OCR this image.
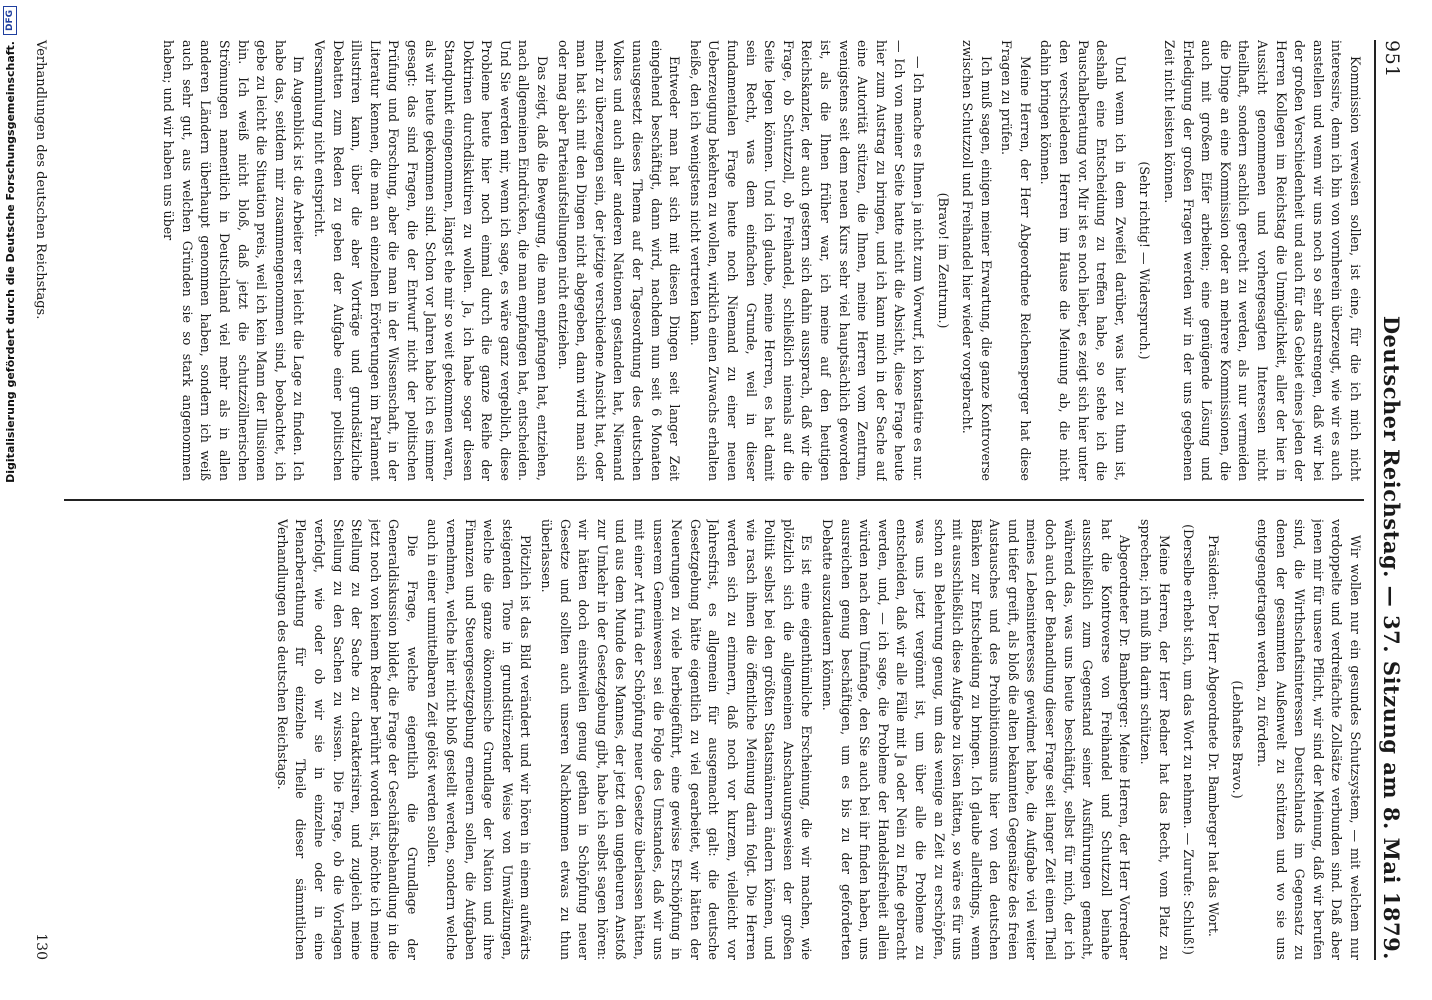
951
Deutscher Reichstag. — 37. Sitzung am 8. Mai 1879.

Kommission verweisen sollen, ist eine, für die ich mich nicht interessire, denn ich bin von vornherein überzeugt, wie wir es auch anstellen und wenn wir uns noch so sehr anstrengen, daß wir bei der großen Verschiedenheit und auch für das Gebiet eines jeden der Herren Kollegen im Reichstag die Unmöglichkeit, aller der hier in Aussicht genommenen und vorhergesagten Interessen nicht theilhaft, sondern sachlich gerecht zu werden, als nur vermeiden die Dinge an eine Kommission oder an mehrere Kommissionen, die auch mit großem Eifer arbeiten; eine genügende Lösung und Erledigung der großen Fragen werden wir in der uns gegebenen Zeit nicht leisten können.

(Sehr richtig! — Widerspruch.)

Und wenn ich in dem Zweifel darüber, was hier zu thun ist, deshalb eine Entscheidung zu treffen habe, so stehe ich die Pauschalberatung vor. Mir ist es noch lieber, es zeigt sich hier unter den verschiedenen Herren im Hause die Meinung ab, die nicht dahin bringen können.

Meine Herren, der Herr Abgeordnete Reichensperger hat diese Fragen zu prüfen.

Ich muß sagen, einigen meiner Erwartung, die ganze Kontroverse zwischen Schutzzoll und Freihandel hier wieder vorgebracht.

(Bravo! im Zentrum.)

— Ich mache es Ihnen ja nicht zum Vorwurf, ich konstatire es nur. — Ich von meiner Seite hatte nicht die Absicht, diese Frage heute hier zum Austrag zu bringen, und ich kann mich in der Sache auf eine Autorität stützen, die Ihnen, meine Herren vom Zentrum, wenigstens seit dem neuen Kurs sehr viel hauptsächlich geworden ist, als die Ihnen früher war, ich meine auf den heutigen Reichskanzler, der auch gestern sich dahin aussprach, daß wir die Frage, ob Schutzzoll, ob Freihandel, schließlich niemals auf die Seite legen können. Und ich glaube, meine Herren, es hat damit sein Recht, was dem einfachen Grunde, weil in dieser fundamentalen Frage heute noch Niemand zu einer neuen Ueberzeugung bekehren zu wollen, wirklich einen Zuwachs erhalten heiße, den ich wenigstens nicht vertreten kann.

Entweder man hat sich mit diesen Dingen seit langer Zeit eingehend beschäftigt, dann wird, nachdem nun seit 6 Monaten unausgesetzt dieses Thema auf der Tagesordnung des deutschen Volkes und auch aller anderen Nationen gestanden hat, Niemand mehr zu überzeugen sein, der jetzige verschiedene Ansicht hat, oder man hat sich mit den Dingen nicht abgegeben, dann wird man sich oder mag aber Parteiaufstellungen nicht entziehen.

Das zeigt, daß die Bewegung, die man empfangen hat, entziehen, nach allgemeinen Eindrücken, die man empfangen hat, entscheiden. Und Sie werden mir, wenn ich sage, es wäre ganz vergeblich, diese Probleme heute hier noch einmal durch die ganze Reihe der Doktrinen durchdiskutiren zu wollen. Ja, ich habe sogar diesen Standpunkt eingenommen, längst ehe mir so weit gekommen waren, als wir heute gekommen sind. Schon vor Jahren habe ich es immer gesagt: das sind Fragen, die der Entwurf nicht der politischen Prüfung und Forschung, aber die man in der Wissenschaft, in der Literatur kennen, die man an einzelnen Erörterungen im Parlament illustriren kann, über die aber Vorträge und grundsätzliche Debatten zum Reden zu geben der Aufgabe einer politischen Versammlung nicht entspricht.

Im Augenblick ist die Arbeiter erst leicht die Lage zu finden. Ich habe das, seitdem mir zusammengenommen sind, beobachtet, ich gebe zu leicht die Situation preis, weil ich kein Mann der Illusionen bin. Ich weiß nicht bloß, daß jetzt die schutzzöllnerischen Strömungen namentlich in Deutschland viel mehr als in allen anderen Ländern überhaupt genommen haben, sondern ich weiß auch sehr gut, aus welchen Gründen sie so stark angenommen haben; und wir haben uns über

Wir wollen nur ein gesundes Schutzsystem, — mit welchem nur verdoppelte und verdreifachte Zollsätze verbunden sind. Daß aber jenen mir für unsere Pflicht, wir sind der Meinung, daß wir berufen sind, die Wirthschaftsinteressen Deutschlands im Gegensatz zu denen der gesammten Außenwelt zu schützen und wo sie uns entgegengetragen werden, zu fördern.

(Lebhaftes Bravo.)

Präsident: Der Herr Abgeordnete Dr. Bamberger hat das Wort.

(Derselbe erhebt sich, um das Wort zu nehmen. — Zurufe: Schluß!)

Meine Herren, der Herr Redner hat das Recht, vom Platz zu sprechen; ich muß ihn darin schützen.

Abgeordneter Dr. Bamberger: Meine Herren, der Herr Vorredner hat die Kontroverse von Freihandel und Schutzzoll beinahe ausschließlich zum Gegenstand seiner Ausführungen gemacht, während das, was uns heute beschäftigt, selbst für mich, der ich doch auch der Behandlung dieser Frage seit langer Zeit einen Theil meines Lebensinteresses gewidmet habe, die Aufgabe viel weiter und tiefer greift, als bloß die alten bekannten Gegensätze des freien Austausches und des Prohibitionismus hier von den deutschen Bänken zur Entscheidung zu bringen. Ich glaube allerdings, wenn mit ausschließlich diese Aufgabe zu lösen hätten, so wäre es für uns schon an Belehrung genug, um das wenige an Zeit zu erschöpfen, was uns jetzt vergönnt ist, um über alle die Probleme zu entscheiden, daß wir alle Fälle mit Ja oder Nein zu Ende gebracht werden, und, — ich sage, die Probleme der Handelsfreiheit allein würden nach dem Umfange, den Sie auch bei ihr finden haben, uns ausreichen genug beschäftigen, um es bis zu der geforderten Debatte auszudauern können.

Es ist eine eigenthümliche Erscheinung, die wir machen, wie plötzlich sich die allgemeinen Anschauungsweisen der großen Politik selbst bei den größten Staatsmännern ändern können, und wie rasch ihnen die öffentliche Meinung darin folgt. Die Herren werden sich zu erinnern, daß noch vor kurzem, vielleicht vor Jahresfrist, es allgemein für ausgemacht galt: die deutsche Gesetzgebung hätte eigentlich zu viel gearbeitet, wir hätten der Neuerungen zu viele herbeigeführt, eine gewisse Erschöpfung in unserem Gemeinwesen sei die Folge des Umstandes, daß wir uns mit einer Art furia der Schöpfung neuer Gesetze überlassen hätten, und aus dem Munde des Mannes, der jetzt den ungeheuren Anstoß zur Umkehr in der Gesetzgebung gibt, habe ich selbst sagen hören: wir hätten doch einstweilen genug gethan in Schöpfung neuer Gesetze und sollten auch unseren Nachkommen etwas zu thun überlassen.

Plötzlich ist das Bild verändert und wir hören in einem aufwärts steigenden Tone in grundstürzender Weise von Umwälzungen, welche die ganze ökonomische Grundlage der Nation und ihre Finanzen und Steuergesetzgebung erneuern sollen, die Aufgaben vernehmen, welche hier nicht bloß gestellt werden, sondern welche auch in einer unmittelbaren Zeit gelöst werden sollen.

Die Frage, welche eigentlich die Grundlage der Generaldiskussion bildet, die Frage der Geschäftsbehandlung in die jetzt noch von keinem Redner berührt worden ist, möchte ich meine Stellung zu der Sache zu charakterisiren, und zugleich meine Stellung zu den Sachen zu wissen. Die Frage, ob die Vorlagen verfolgt, wie oder ob wir sie in einzelne oder in eine Plenarberathung für einzelne Theile dieser sämmtlichen Verhandlungen des deutschen Reichstags.

Verhandlungen des deutschen Reichstags.
130
Digitalisierung gefördert durch die Deutsche Forschungsgemeinschaft.
DFG
